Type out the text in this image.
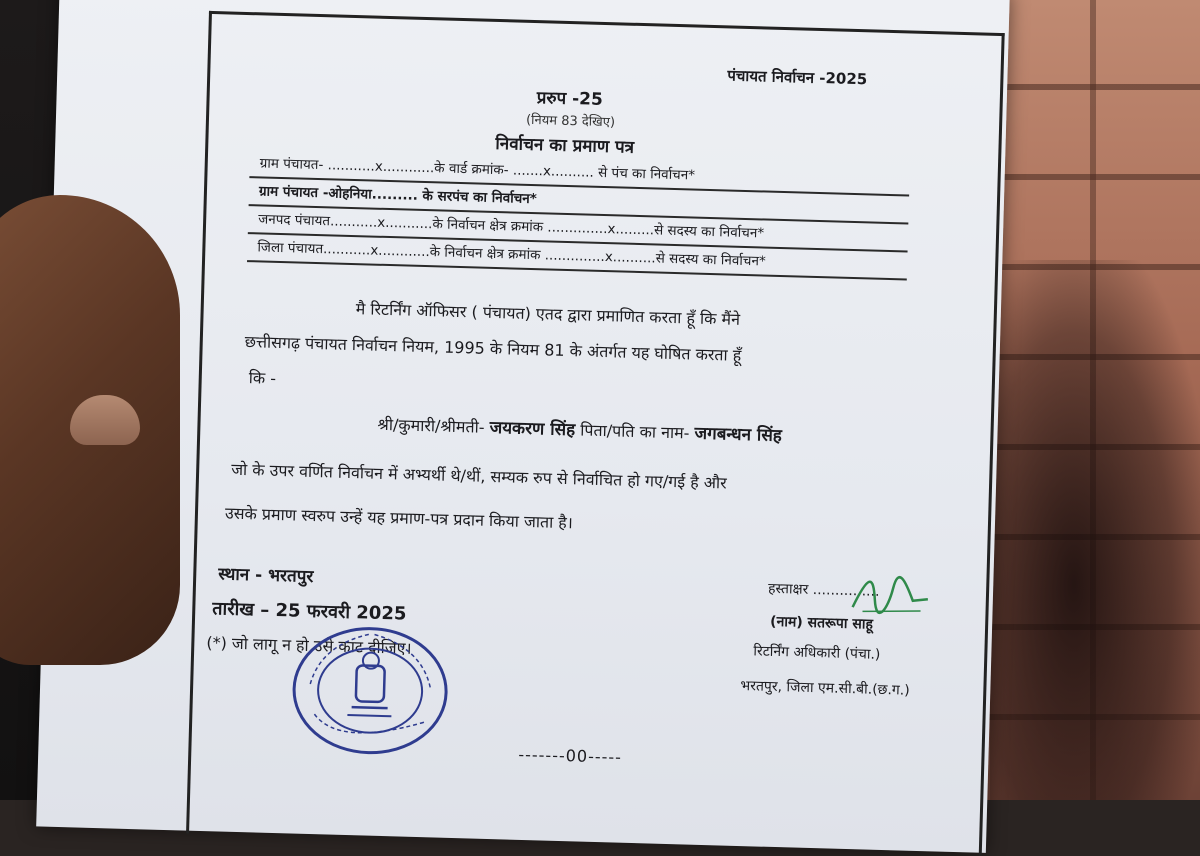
पंचायत निर्वाचन -2025
प्ररुप -25
(नियम 83 देखिए)
निर्वाचन का प्रमाण पत्र
ग्राम पंचायत- ...........x............के वार्ड क्रमांक- .......x.......... से पंच का निर्वाचन*
ग्राम पंचायत -ओहनिया......... के सरपंच का निर्वाचन*
जनपद पंचायत...........x...........के निर्वाचन क्षेत्र क्रमांक ..............x.........से सदस्य का निर्वाचन*
जिला पंचायत...........x............के निर्वाचन क्षेत्र क्रमांक ..............x..........से सदस्य का निर्वाचन*
मै रिटर्निंग ऑफिसर ( पंचायत) एतद द्वारा प्रमाणित करता हूँ कि मैंने
छत्तीसगढ़ पंचायत निर्वाचन नियम, 1995 के नियम 81 के अंतर्गत यह घोषित करता हूँ
कि -
श्री/कुमारी/श्रीमती- जयकरण सिंह पिता/पति का नाम- जगबन्धन सिंह
जो के उपर वर्णित निर्वाचन में अभ्यर्थी थे/थीं, सम्यक रुप से निर्वाचित हो गए/गई है और
उसके प्रमाण स्वरुप उन्हें यह प्रमाण-पत्र प्रदान किया जाता है।
स्थान - भरतपुर
तारीख – 25 फरवरी 2025
(*) जो लागू न हो उसे काट दीजिए।
हस्ताक्षर ...............
(नाम) सतरूपा साहू
रिटर्निंग अधिकारी (पंचा.)
भरतपुर, जिला एम.सी.बी.(छ.ग.)
-------00-----
